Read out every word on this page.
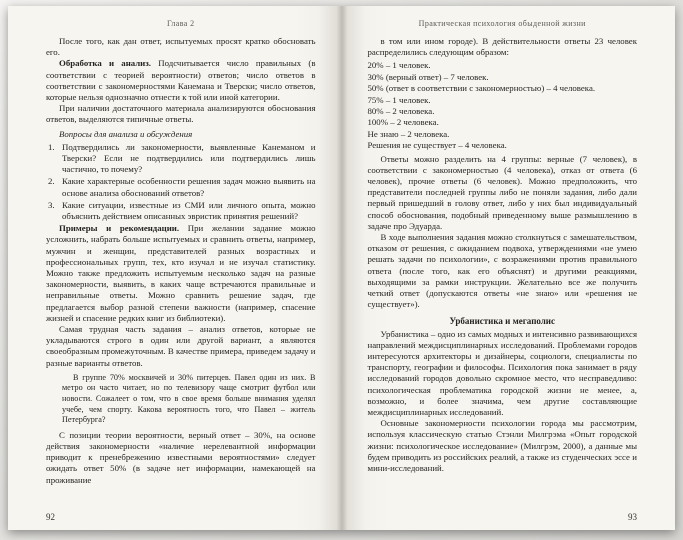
Глава 2

После того, как дан ответ, испытуемых просят кратко обосновать его.

Обработка и анализ. Подсчитывается число правильных (в соответствии с теорией вероятности) ответов; число ответов в соответствии с закономерностями Канемана и Тверски; число ответов, которые нельзя однозначно отнести к той или иной категории.

При наличии достаточного материала анализируются обоснования ответов, выделяются типичные ответы.

Вопросы для анализа и обсуждения
1. Подтвердились ли закономерности, выявленные Канеманом и Тверски? Если не подтвердились или подтвердились лишь частично, то почему?
2. Какие характерные особенности решения задач можно выявить на основе анализа обоснований ответов?
3. Какие ситуации, известные из СМИ или личного опыта, можно объяснить действием описанных эвристик принятия решений?

Примеры и рекомендации. При желании задание можно усложнить, набрать больше испытуемых и сравнить ответы, например, мужчин и женщин, представителей разных возрастных и профессиональных групп, тех, кто изучал и не изучал статистику. Можно также предложить испытуемым несколько задач на разные закономерности, выявить, в каких чаще встречаются правильные и неправильные ответы. Можно сравнить решение задач, где предлагается выбор разной степени важности (например, спасение жизней и спасение редких книг из библиотеки).

Самая трудная часть задания – анализ ответов, которые не укладываются строго в один или другой вариант, а являются своеобразным промежуточным. В качестве примера, приведем задачу и разные варианты ответов.

В группе 70% москвичей и 30% питерцев. Павел один из них. В метро он часто читает, но по телевизору чаще смотрит футбол или новости. Сожалеет о том, что в свое время больше внимания уделял учебе, чем спорту. Какова вероятность того, что Павел – житель Петербурга?

С позиции теории вероятности, верный ответ – 30%, на основе действия закономерности «наличие нерелевантной информации приводит к пренебрежению известными вероятностями» следует ожидать ответ 50% (в задаче нет информации, намекающей на проживание

92
Практическая психология обыденной жизни

в том или ином городе). В действительности ответы 23 человек распределились следующим образом:

20% – 1 человек.

30% (верный ответ) – 7 человек.

50% (ответ в соответствии с закономерностью) – 4 человека.

75% – 1 человек.

80% – 2 человека.

100% – 2 человека.

Не знаю – 2 человека.

Решения не существует – 4 человека.

Ответы можно разделить на 4 группы: верные (7 человек), в соответствии с закономерностью (4 человека), отказ от ответа (6 человек), прочие ответы (6 человек). Можно предположить, что представители последней группы либо не поняли задания, либо дали первый пришедший в голову ответ, либо у них был индивидуальный способ обоснования, подобный приведенному выше размышлению в задаче про Эдуарда.

В ходе выполнения задания можно столкнуться с замешательством, отказом от решения, с ожиданием подвоха, утверждениями «не умею решать задачи по психологии», с возражениями против правильного ответа (после того, как его объяснят) и другими реакциями, выходящими за рамки инструкции. Желательно все же получить четкий ответ (допускаются ответы «не знаю» или «решения не существует»).

Урбанистика и мегаполис

Урбанистика – одно из самых модных и интенсивно развивающихся направлений междисциплинарных исследований. Проблемами городов интересуются архитекторы и дизайнеры, социологи, специалисты по транспорту, географии и философы. Психология пока занимает в ряду исследований городов довольно скромное место, что несправедливо: психологическая проблематика городской жизни не менее, а, возможно, и более значима, чем другие составляющие междисциплинарных исследований.

Основные закономерности психологии города мы рассмотрим, используя классическую статью Стэнли Милгрэма «Опыт городской жизни: психологическое исследование» (Милгрэм, 2000), а данные мы будем приводить из российских реалий, а также из студенческих эссе и мини-исследований.

93
